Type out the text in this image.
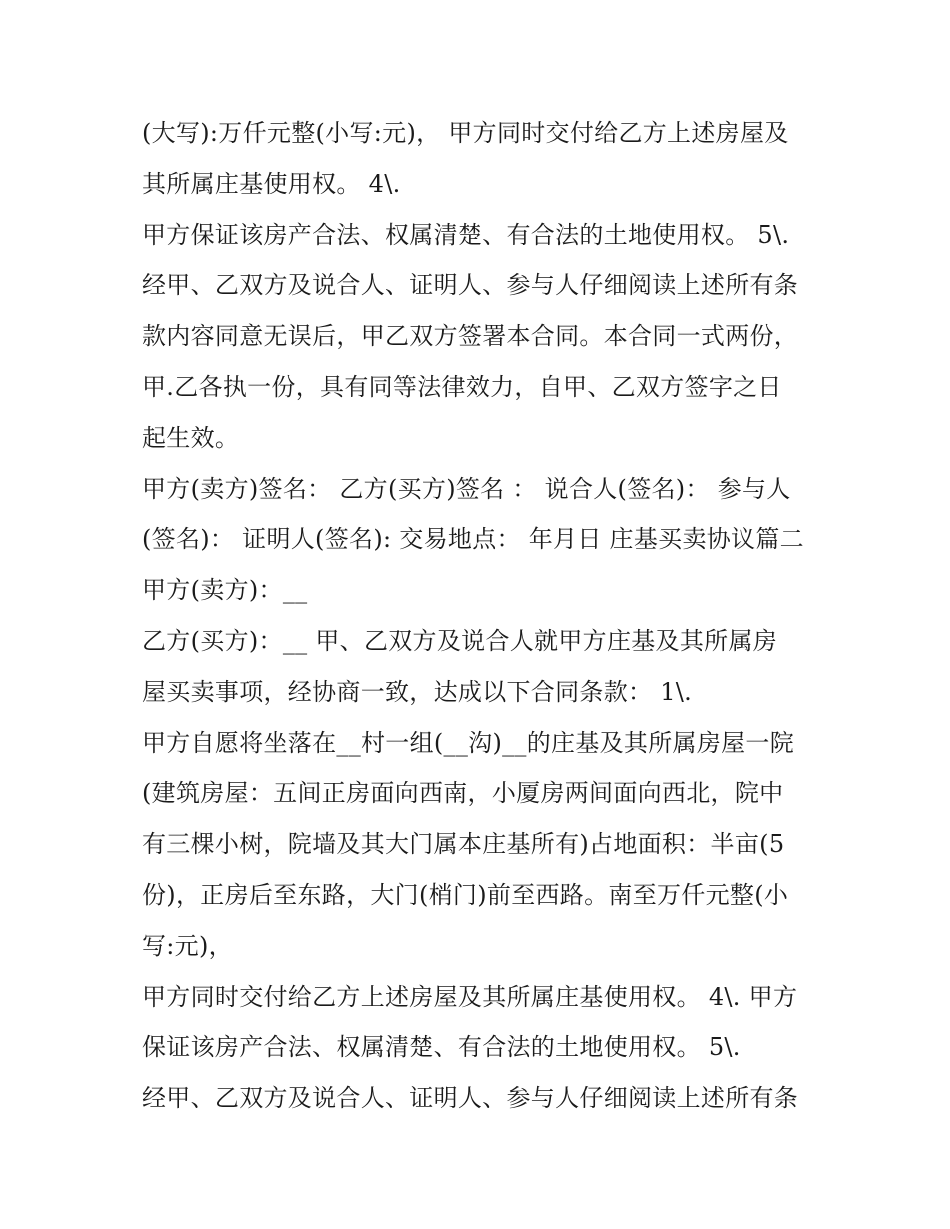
(大写):万仟元整(小写:元)， 甲方同时交付给乙方上述房屋及
其所属庄基使用权。 4\.
甲方保证该房产合法、权属清楚、有合法的土地使用权。 5\.
经甲、乙双方及说合人、证明人、参与人仔细阅读上述所有条
款内容同意无误后，甲乙双方签署本合同。本合同一式两份，
甲.乙各执一份，具有同等法律效力，自甲、乙双方签字之日
起生效。
甲方(卖方)签名： 乙方(买方)签名 ： 说合人(签名)： 参与人
(签名)： 证明人(签名): 交易地点： 年月日 庄基买卖协议篇二
甲方(卖方)：__
乙方(买方)：__ 甲、乙双方及说合人就甲方庄基及其所属房
屋买卖事项，经协商一致，达成以下合同条款： 1\.
甲方自愿将坐落在__村一组(__沟)__的庄基及其所属房屋一院
(建筑房屋：五间正房面向西南，小厦房两间面向西北，院中
有三棵小树，院墙及其大门属本庄基所有)占地面积：半亩(5
份)，正房后至东路，大门(梢门)前至西路。南至万仟元整(小
写:元)，
甲方同时交付给乙方上述房屋及其所属庄基使用权。 4\. 甲方
保证该房产合法、权属清楚、有合法的土地使用权。 5\.
经甲、乙双方及说合人、证明人、参与人仔细阅读上述所有条
